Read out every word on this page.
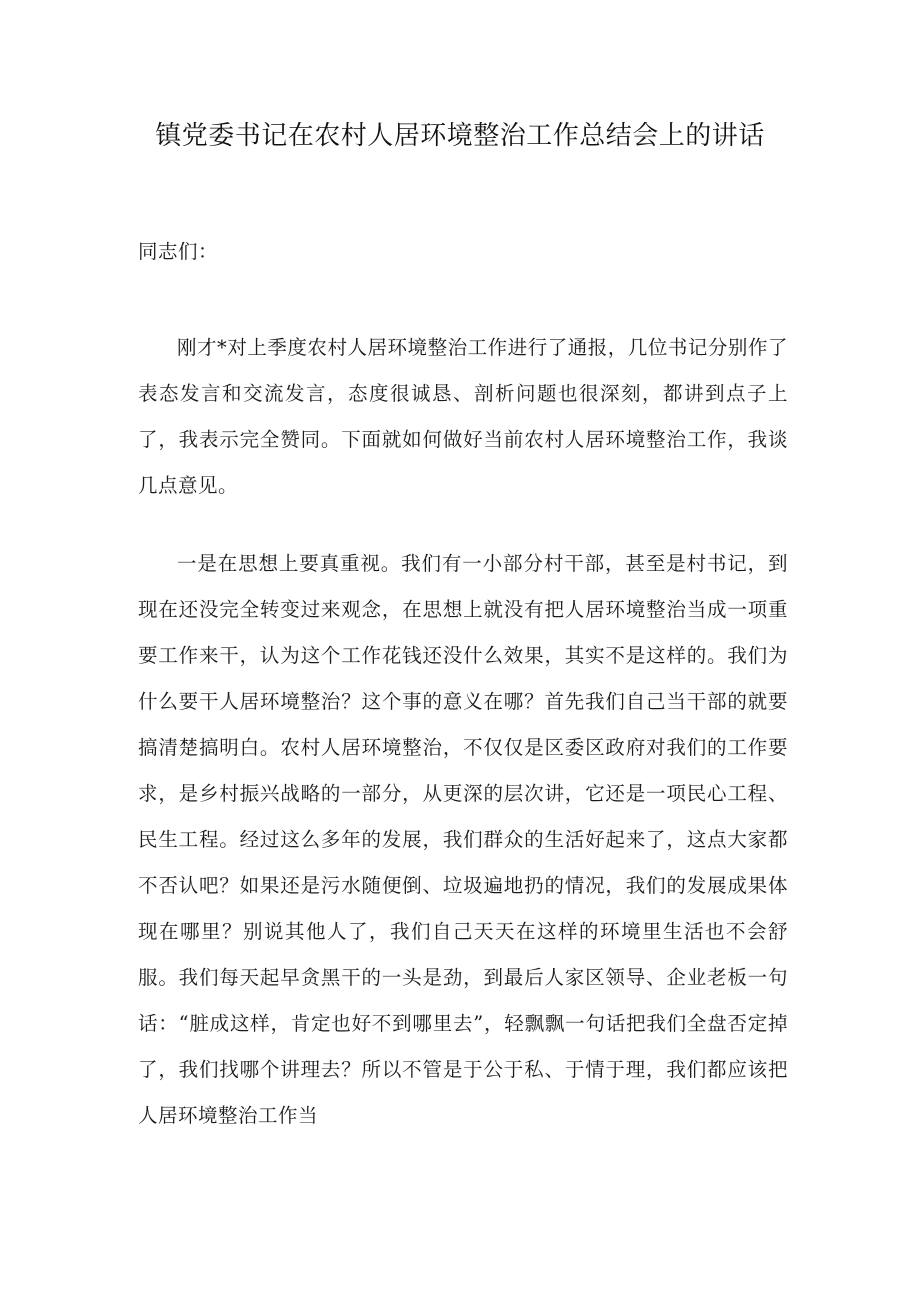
镇党委书记在农村人居环境整治工作总结会上的讲话

同志们：

刚才*对上季度农村人居环境整治工作进行了通报，几位书记分别作了表态发言和交流发言，态度很诚恳、剖析问题也很深刻，都讲到点子上了，我表示完全赞同。下面就如何做好当前农村人居环境整治工作，我谈几点意见。

一是在思想上要真重视。我们有一小部分村干部，甚至是村书记，到现在还没完全转变过来观念，在思想上就没有把人居环境整治当成一项重要工作来干，认为这个工作花钱还没什么效果，其实不是这样的。我们为什么要干人居环境整治？这个事的意义在哪？首先我们自己当干部的就要搞清楚搞明白。农村人居环境整治，不仅仅是区委区政府对我们的工作要求，是乡村振兴战略的一部分，从更深的层次讲，它还是一项民心工程、民生工程。经过这么多年的发展，我们群众的生活好起来了，这点大家都不否认吧？如果还是污水随便倒、垃圾遍地扔的情况，我们的发展成果体现在哪里？别说其他人了，我们自己天天在这样的环境里生活也不会舒服。我们每天起早贪黑干的一头是劲，到最后人家区领导、企业老板一句话：“脏成这样，肯定也好不到哪里去”，轻飘飘一句话把我们全盘否定掉了，我们找哪个讲理去？所以不管是于公于私、于情于理，我们都应该把人居环境整治工作当
